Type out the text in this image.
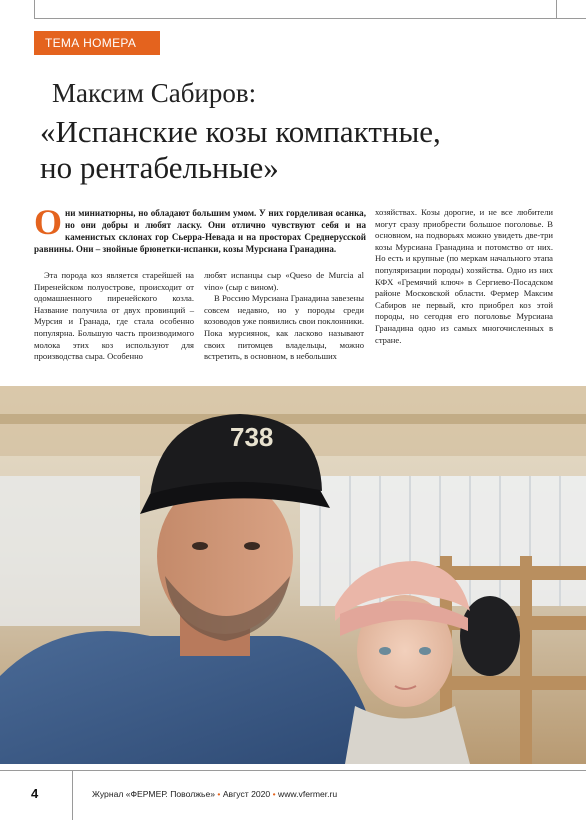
ТЕМА НОМЕРА
Максим Сабиров:
«Испанские козы компактные,
но рентабельные»
Они миниатюрны, но обладают большим умом. У них горделивая осанка, но они добры и любят ласку. Они отлично чувствуют себя и на каменистых склонах гор Сьерра-Невада и на просторах Среднерусской равнины. Они – знойные брюнетки-испанки, козы Мурсиана Гранадина.

Эта порода коз является старейшей на Пиренейском полуострове, происходит от одомашненного пиренейского козла. Название получила от двух провинций – Мурсия и Гранада, где стала особенно популярна. Большую часть производимого молока этих коз используют для производства сыра. Особенно

любят испанцы сыр «Queso de Murcia al vino» (сыр с вином).

В Россию Мурсиана Гранадина завезены совсем недавно, но у породы среди козоводов уже появились свои поклонники. Пока мурсиянок, как ласково называют своих питомцев владельцы, можно встретить, в основном, в небольших

хозяйствах. Козы дорогие, и не все любители могут сразу приобрести большое поголовье. В основном, на подворьях можно увидеть две-три козы Мурсиана Гранадина и потомство от них. Но есть и крупные (по меркам начального этапа популяризации породы) хозяйства. Одно из них КФХ «Гремячий ключ» в Сергиево-Посадском районе Московской области. Фермер Максим Сабиров не первый, кто приобрел коз этой породы, но сегодня его поголовье Мурсиана Гранадина одно из самых многочисленных в стране.

738
4	Журнал «ФЕРМЕР. Поволжье» • Август 2020 • www.vfermer.ru
